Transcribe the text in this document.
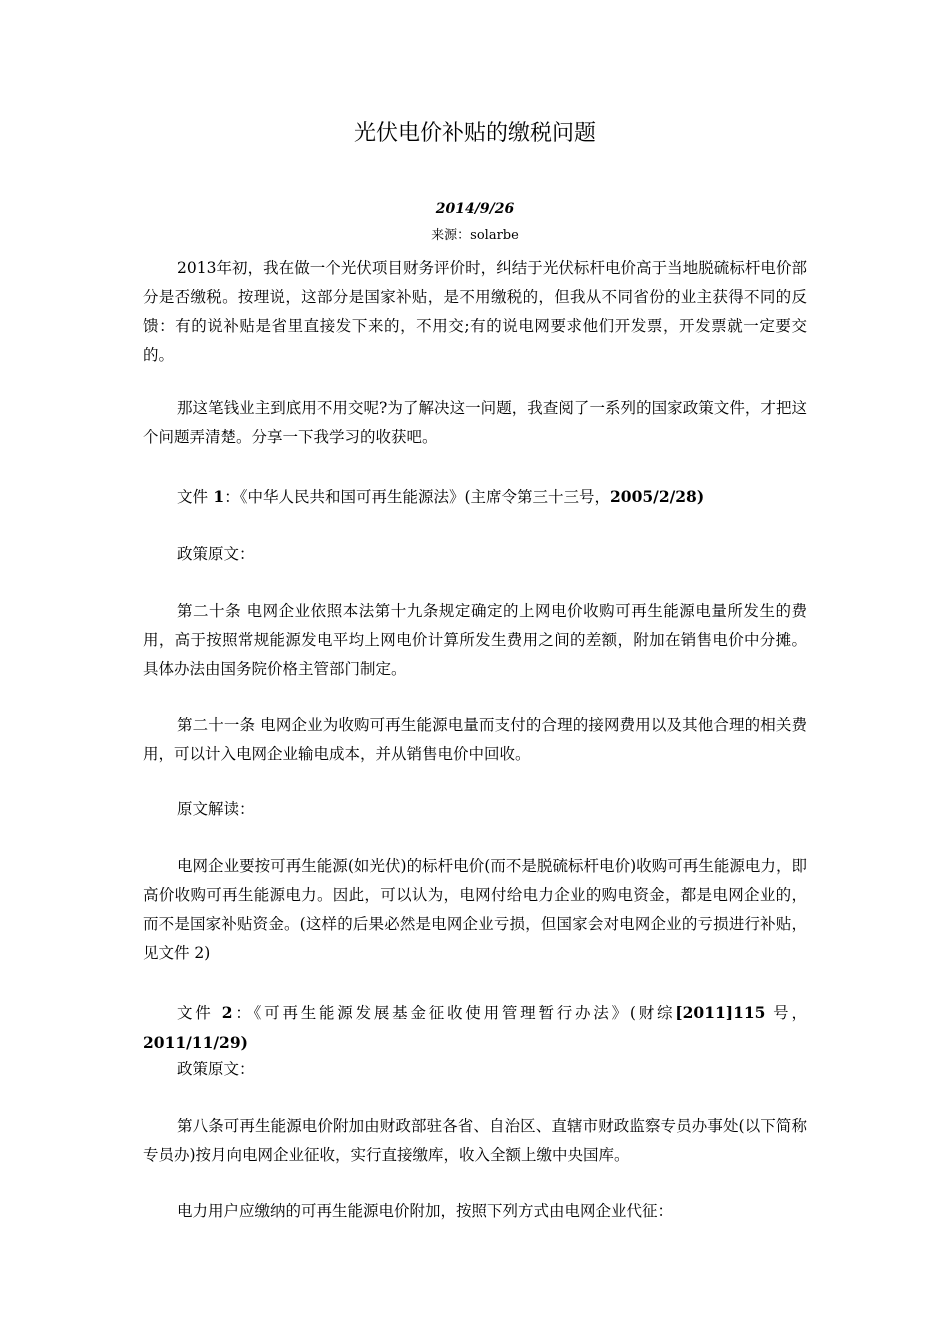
光伏电价补贴的缴税问题
2014/9/26
来源：solarbe

2013年初，我在做一个光伏项目财务评价时，纠结于光伏标杆电价高于当地脱硫标杆电价部分是否缴税。按理说，这部分是国家补贴，是不用缴税的，但我从不同省份的业主获得不同的反馈：有的说补贴是省里直接发下来的，不用交;有的说电网要求他们开发票，开发票就一定要交的。

那这笔钱业主到底用不用交呢?为了解决这一问题，我查阅了一系列的国家政策文件，才把这个问题弄清楚。分享一下我学习的收获吧。

文件 1：《中华人民共和国可再生能源法》(主席令第三十三号，2005/2/28)

政策原文：

第二十条 电网企业依照本法第十九条规定确定的上网电价收购可再生能源电量所发生的费用，高于按照常规能源发电平均上网电价计算所发生费用之间的差额，附加在销售电价中分摊。具体办法由国务院价格主管部门制定。

第二十一条 电网企业为收购可再生能源电量而支付的合理的接网费用以及其他合理的相关费用，可以计入电网企业输电成本，并从销售电价中回收。

原文解读：

电网企业要按可再生能源(如光伏)的标杆电价(而不是脱硫标杆电价)收购可再生能源电力，即高价收购可再生能源电力。因此，可以认为，电网付给电力企业的购电资金，都是电网企业的，而不是国家补贴资金。(这样的后果必然是电网企业亏损，但国家会对电网企业的亏损进行补贴，见文件 2)

文件 2：《可再生能源发展基金征收使用管理暂行办法》(财综[2011]115 号，2011/11/29)

政策原文：

第八条可再生能源电价附加由财政部驻各省、自治区、直辖市财政监察专员办事处(以下简称专员办)按月向电网企业征收，实行直接缴库，收入全额上缴中央国库。

电力用户应缴纳的可再生能源电价附加，按照下列方式由电网企业代征：
